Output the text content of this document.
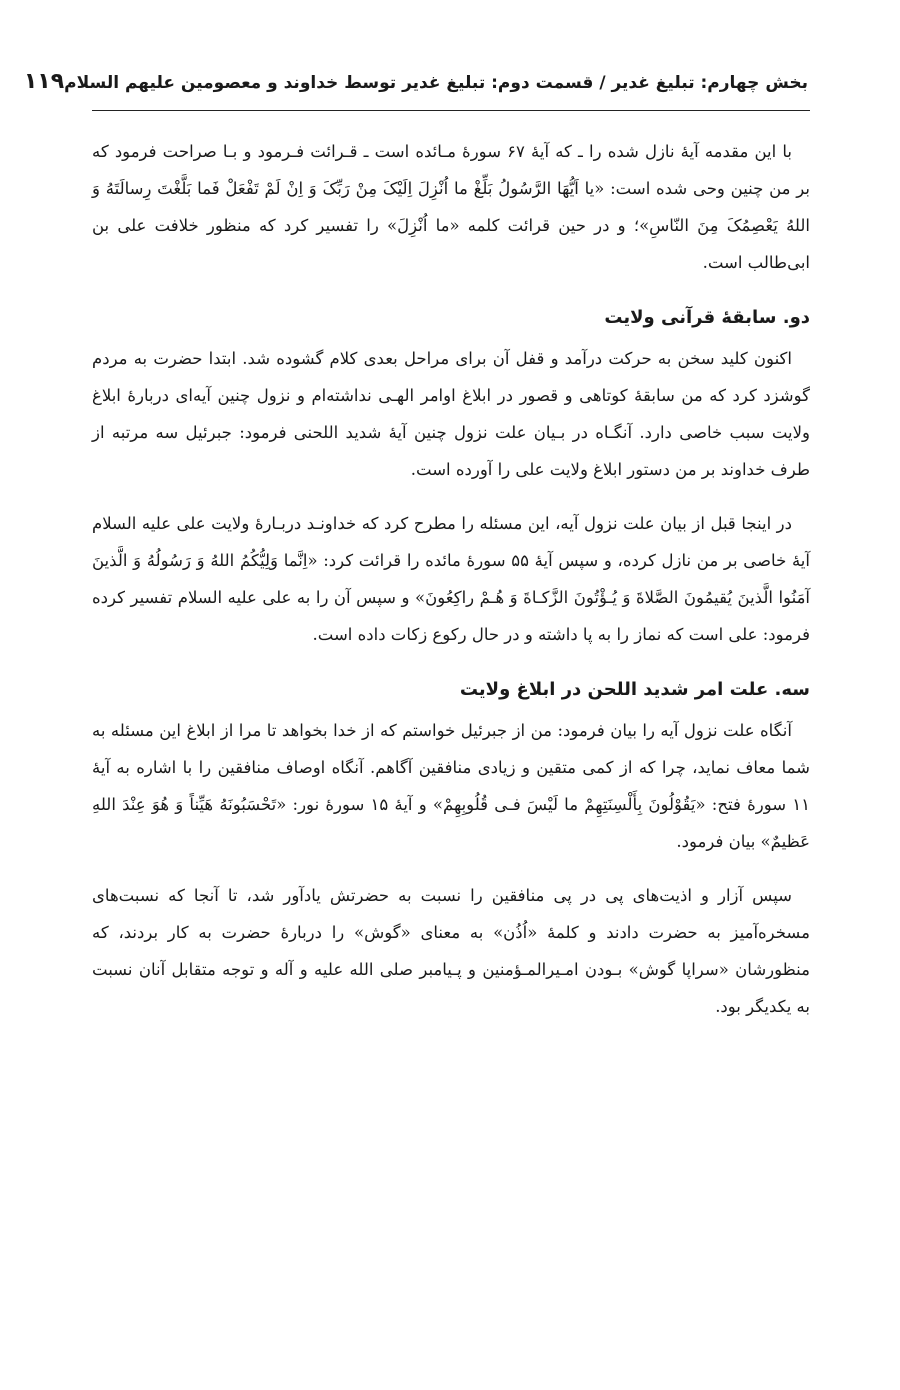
بخش چهارم: تبلیغ غدیر / قسمت دوم: تبلیغ غدیر توسط خداوند و معصومین علیهم السلام
۱۱۹

با این مقدمه آیهٔ نازل شده را ـ که آیهٔ ۶۷ سورهٔ مـائده است ـ قـرائت فـرمود و بـا صراحت فرمود که بر من چنین وحی شده است: «یا اَیُّهَا الرَّسُولُ بَلِّغْ ما اُنْزِلَ اِلَیْکَ مِنْ رَبِّکَ وَ اِنْ لَمْ تَفْعَلْ فَما بَلَّغْتَ رِسالَتَهُ وَ اللهُ یَعْصِمُکَ مِنَ النّاسِ»؛ و در حین قرائت کلمه «ما اُنْزِلَ» را تفسیر کرد که منظور خلافت علی بن ابی‌طالب است.

دو. سابقهٔ قرآنی ولایت

اکنون کلید سخن به حرکت درآمد و قفل آن برای مراحل بعدی کلام گشوده شد. ابتدا حضرت به مردم گوشزد کرد که من سابقهٔ کوتاهی و قصور در ابلاغ اوامر الهـی نداشته‌ام و نزول چنین آیه‌ای دربارهٔ ابلاغ ولایت سبب خاصی دارد. آنگـاه در بـیان علت نزول چنین آیهٔ شدید اللحنی فرمود: جبرئیل سه مرتبه از طرف خداوند بر من دستور ابلاغ ولایت علی را آورده است.

در اینجا قبل از بیان علت نزول آیه، این مسئله را مطرح کرد که خداونـد دربـارهٔ ولایت علی علیه السلام آیهٔ خاصی بر من نازل کرده، و سپس آیهٔ ۵۵ سورهٔ مائده را قرائت کرد: «اِنَّما وَلِیُّکُمُ اللهُ وَ رَسُولُهُ وَ الَّذینَ آمَنُوا الَّذینَ یُقیمُونَ الصَّلاةَ وَ یُـؤْتُونَ الزَّکـاةَ وَ هُـمْ راکِعُونَ» و سپس آن را به علی علیه السلام تفسیر کرده فرمود: علی است که نماز را به پا داشته و در حال رکوع زکات داده است.

سه. علت امر شدید اللحن در ابلاغ ولایت

آنگاه علت نزول آیه را بیان فرمود: من از جبرئیل خواستم که از خدا بخواهد تا مرا از ابلاغ این مسئله به شما معاف نماید، چرا که از کمی متقین و زیادی منافقین آگاهم. آنگاه اوصاف منافقین را با اشاره به آیهٔ ۱۱ سورهٔ فتح: «یَقُوْلُونَ بِأَلْسِنَتِهِمْ ما لَیْسَ فـی قُلُوبِهِمْ» و آیهٔ ۱۵ سورهٔ نور: «تَحْسَبُونَهُ هَیِّناً وَ هُوَ عِنْدَ اللهِ عَظیمٌ» بیان فرمود.

سپس آزار و اذیت‌های پی در پی منافقین را نسبت به حضرتش یادآور شد، تا آنجا که نسبت‌های مسخره‌آمیز به حضرت دادند و کلمهٔ «اُذُن» به معنای «گوش» را دربارهٔ حضرت به کار بردند، که منظورشان «سراپا گوش» بـودن امـیرالمـؤمنین و پـیامبر صلی الله علیه و آله و توجه متقابل آنان نسبت به یکدیگر بود.
